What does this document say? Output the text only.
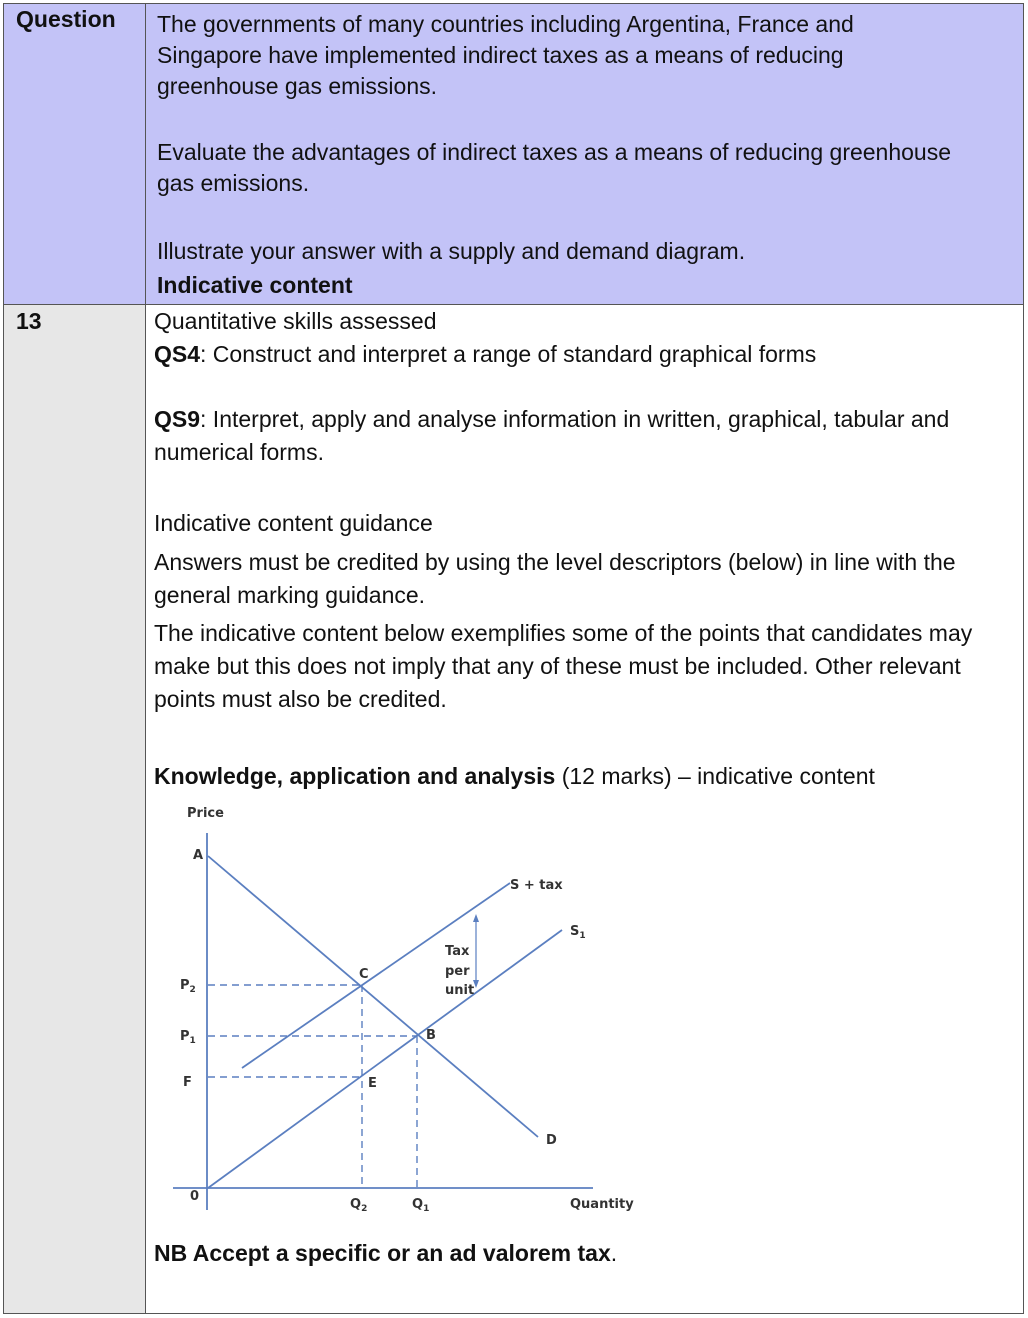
Question The governments of many countries including Argentina, France and Singapore have implemented indirect taxes as a means of reducing greenhouse gas emissions.
Evaluate the advantages of indirect taxes as a means of reducing greenhouse gas emissions.
Illustrate your answer with a supply and demand diagram.
Indicative content
13	Quantitative skills assessed
QS4: Construct and interpret a range of standard graphical forms
QS9: Interpret, apply and analyse information in written, graphical, tabular and numerical forms.
Indicative content guidance
Answers must be credited by using the level descriptors (below) in line with the general marking guidance.
The indicative content below exemplifies some of the points that candidates may make but this does not imply that any of these must be included. Other relevant points must also be credited.
Knowledge, application and analysis (12 marks) – indicative content
NB Accept a specific or an ad valorem tax.
Price
Quantity
0
A
B
C
D
E
F
$P_2$
$P_1$
$Q_2$	$Q_1$
S + tax
$S_1$
Tax
per
unit
